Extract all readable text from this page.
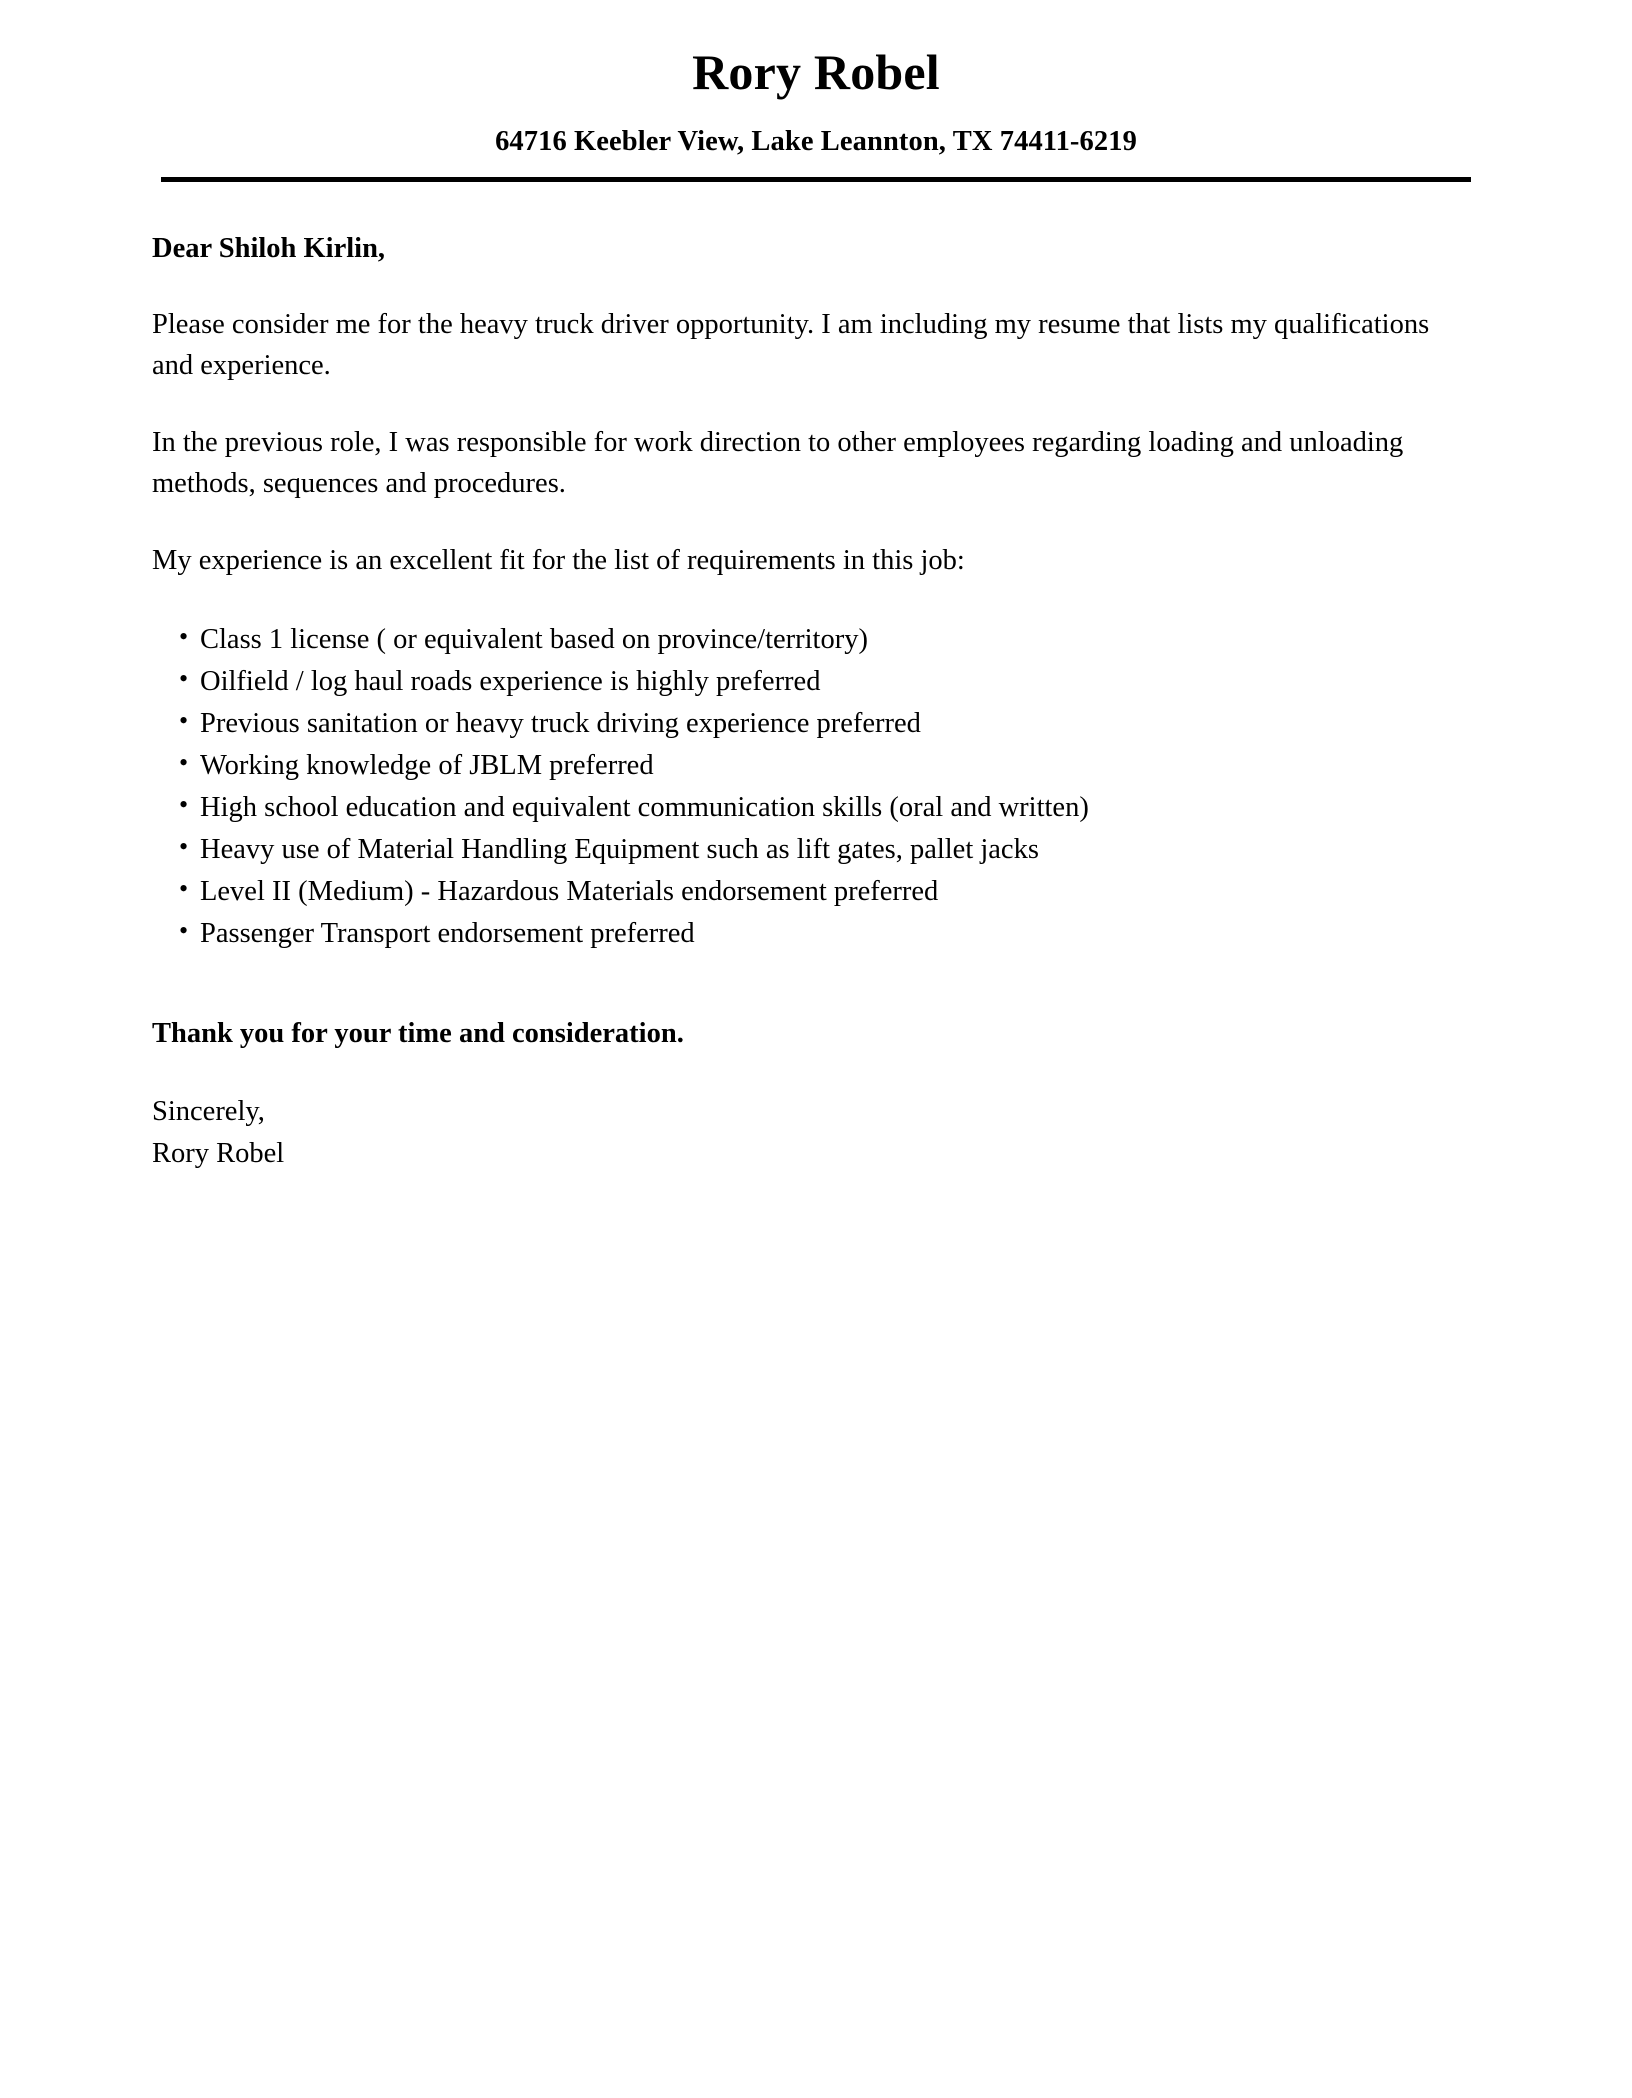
Rory Robel

64716 Keebler View, Lake Leannton, TX 74411-6219

Dear Shiloh Kirlin,

Please consider me for the heavy truck driver opportunity. I am including my resume that lists my qualifications and experience.

In the previous role, I was responsible for work direction to other employees regarding loading and unloading methods, sequences and procedures.

My experience is an excellent fit for the list of requirements in this job:

• Class 1 license ( or equivalent based on province/territory)
• Oilfield / log haul roads experience is highly preferred
• Previous sanitation or heavy truck driving experience preferred
• Working knowledge of JBLM preferred
• High school education and equivalent communication skills (oral and written)
• Heavy use of Material Handling Equipment such as lift gates, pallet jacks
• Level II (Medium) - Hazardous Materials endorsement preferred
• Passenger Transport endorsement preferred

Thank you for your time and consideration.

Sincerely,
Rory Robel
